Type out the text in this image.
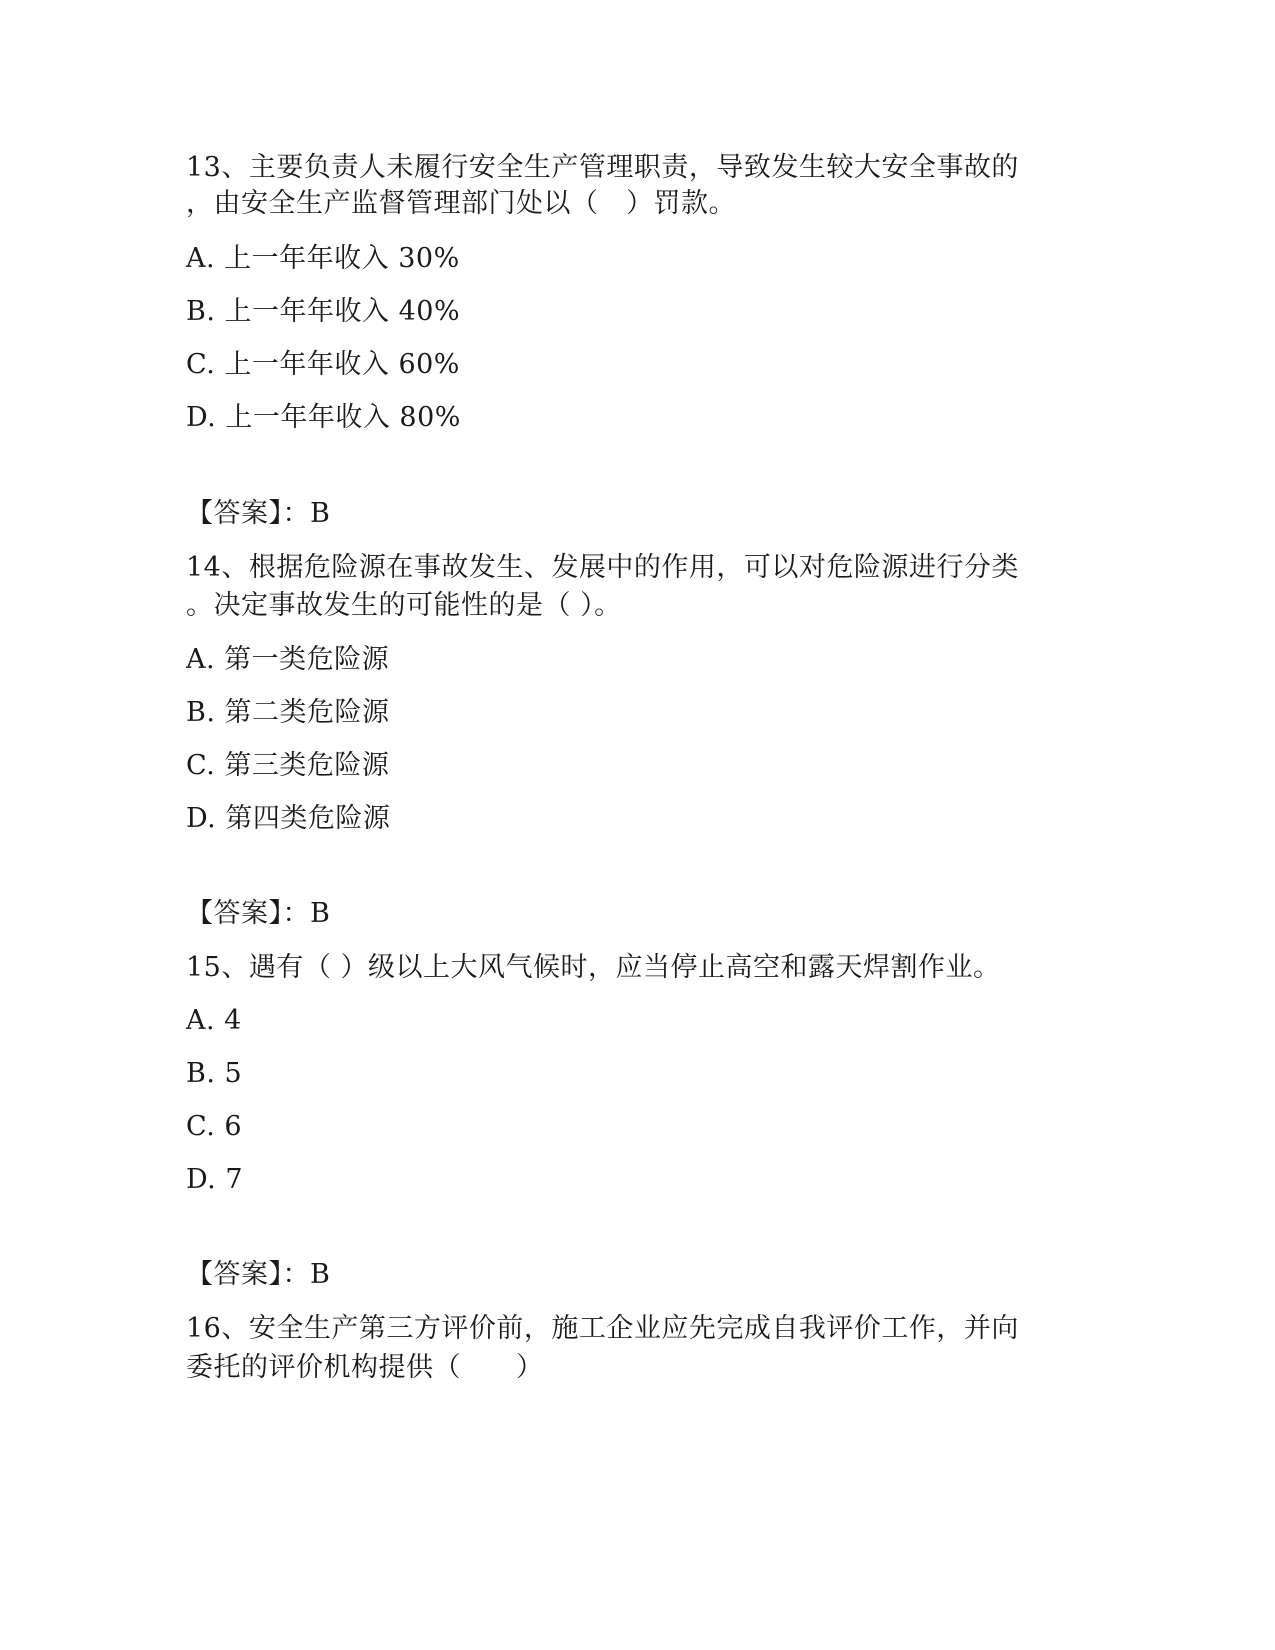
13、主要负责人未履行安全生产管理职责，导致发生较大安全事故的
，由安全生产监督管理部门处以（　）罚款。
A. 上一年年收入 30%
B. 上一年年收入 40%
C. 上一年年收入 60%
D. 上一年年收入 80%
【答案】：B
14、根据危险源在事故发生、发展中的作用，可以对危险源进行分类
。决定事故发生的可能性的是（ ）。
A. 第一类危险源
B. 第二类危险源
C. 第三类危险源
D. 第四类危险源
【答案】：B
15、遇有（ ）级以上大风气候时，应当停止高空和露天焊割作业。
A. 4
B. 5
C. 6
D. 7
【答案】：B
16、安全生产第三方评价前，施工企业应先完成自我评价工作，并向
委托的评价机构提供（　　）
